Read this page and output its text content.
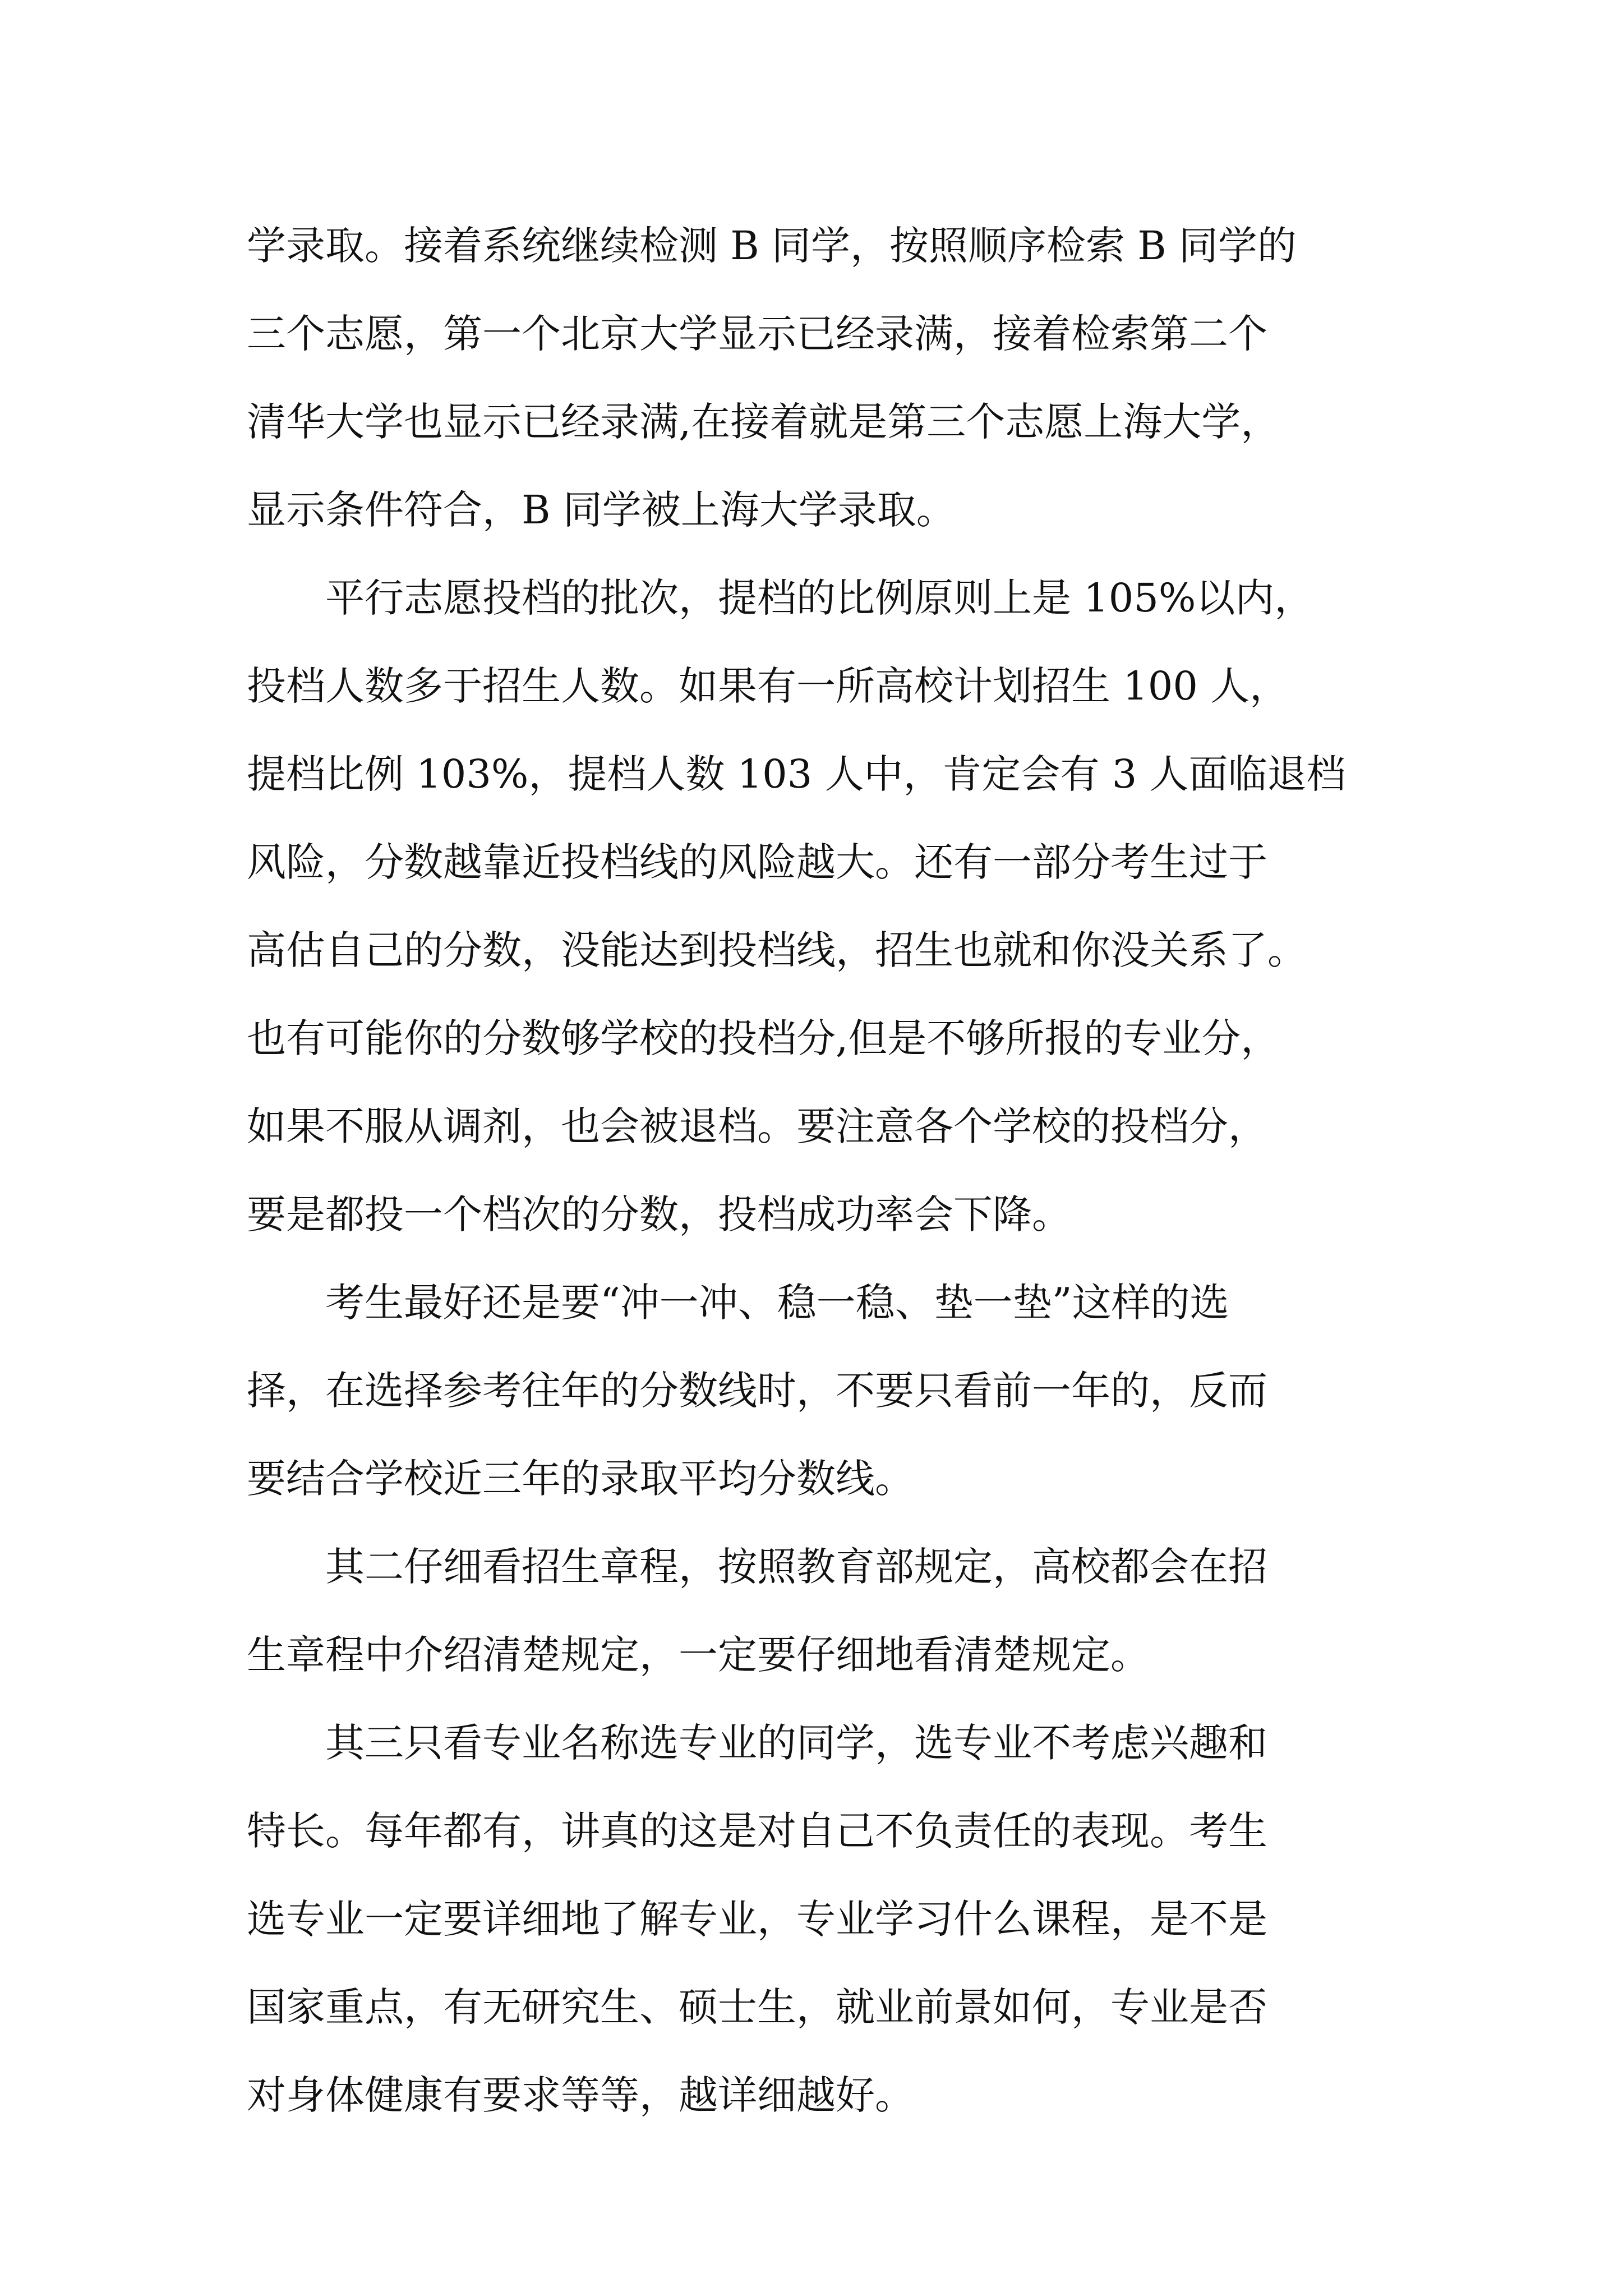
学录取。接着系统继续检测 B 同学，按照顺序检索 B 同学的
三个志愿，第一个北京大学显示已经录满，接着检索第二个
清华大学也显示已经录满,在接着就是第三个志愿上海大学，
显示条件符合，B 同学被上海大学录取。
　　平行志愿投档的批次，提档的比例原则上是 105%以内，
投档人数多于招生人数。如果有一所高校计划招生 100 人，
提档比例 103%，提档人数 103 人中，肯定会有 3 人面临退档
风险，分数越靠近投档线的风险越大。还有一部分考生过于
高估自己的分数，没能达到投档线，招生也就和你没关系了。
也有可能你的分数够学校的投档分,但是不够所报的专业分，
如果不服从调剂，也会被退档。要注意各个学校的投档分，
要是都投一个档次的分数，投档成功率会下降。
　　考生最好还是要“冲一冲、稳一稳、垫一垫”这样的选
择，在选择参考往年的分数线时，不要只看前一年的，反而
要结合学校近三年的录取平均分数线。
　　其二仔细看招生章程，按照教育部规定，高校都会在招
生章程中介绍清楚规定，一定要仔细地看清楚规定。
　　其三只看专业名称选专业的同学，选专业不考虑兴趣和
特长。每年都有，讲真的这是对自己不负责任的表现。考生
选专业一定要详细地了解专业，专业学习什么课程，是不是
国家重点，有无研究生、硕士生，就业前景如何，专业是否
对身体健康有要求等等，越详细越好。
